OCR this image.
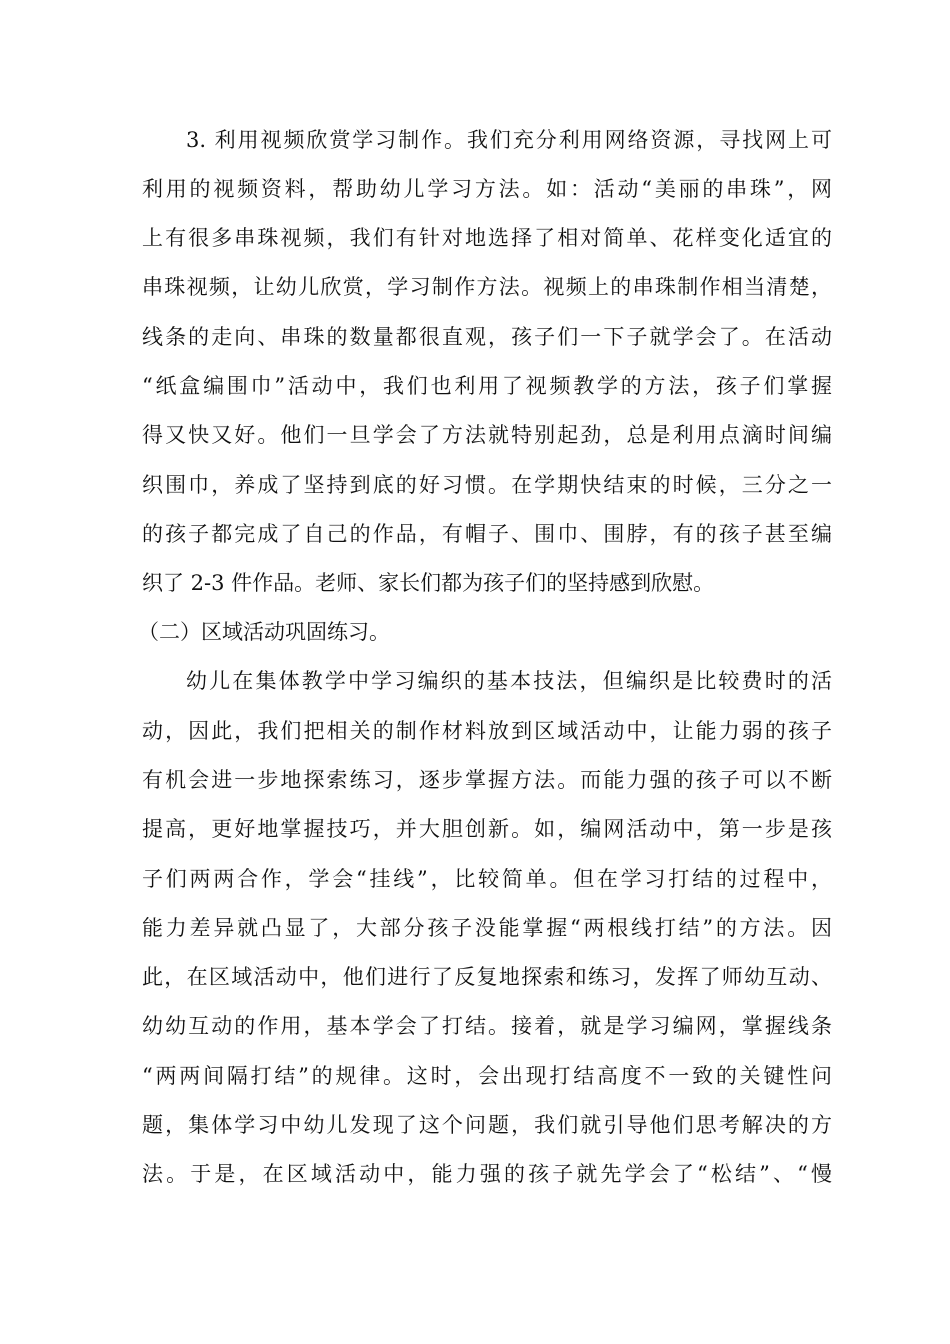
3. 利用视频欣赏学习制作。我们充分利用网络资源，寻找网上可

利用的视频资料，帮助幼儿学习方法。如：活动“美丽的串珠”，网

上有很多串珠视频，我们有针对地选择了相对简单、花样变化适宜的

串珠视频，让幼儿欣赏，学习制作方法。视频上的串珠制作相当清楚，

线条的走向、串珠的数量都很直观，孩子们一下子就学会了。在活动

“纸盒编围巾”活动中，我们也利用了视频教学的方法，孩子们掌握

得又快又好。他们一旦学会了方法就特别起劲，总是利用点滴时间编

织围巾，养成了坚持到底的好习惯。在学期快结束的时候，三分之一

的孩子都完成了自己的作品，有帽子、围巾、围脖，有的孩子甚至编

织了 2-3 件作品。老师、家长们都为孩子们的坚持感到欣慰。

（二）区域活动巩固练习。

幼儿在集体教学中学习编织的基本技法，但编织是比较费时的活

动，因此，我们把相关的制作材料放到区域活动中，让能力弱的孩子

有机会进一步地探索练习，逐步掌握方法。而能力强的孩子可以不断

提高，更好地掌握技巧，并大胆创新。如，编网活动中，第一步是孩

子们两两合作，学会“挂线”，比较简单。但在学习打结的过程中，

能力差异就凸显了，大部分孩子没能掌握“两根线打结”的方法。因

此，在区域活动中，他们进行了反复地探索和练习，发挥了师幼互动、

幼幼互动的作用，基本学会了打结。接着，就是学习编网，掌握线条

“两两间隔打结”的规律。这时，会出现打结高度不一致的关键性问

题，集体学习中幼儿发现了这个问题，我们就引导他们思考解决的方

法。于是，在区域活动中，能力强的孩子就先学会了“松结”、“慢
